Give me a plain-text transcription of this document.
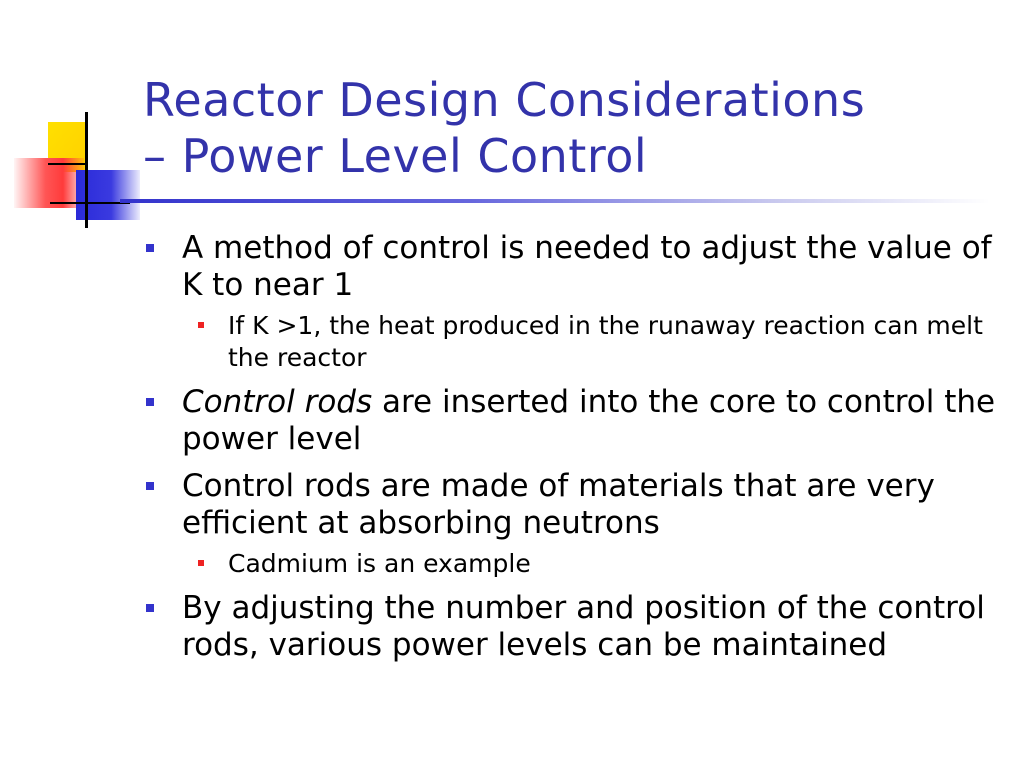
Reactor Design Considerations
– Power Level Control
A method of control is needed to adjust the value of K to near 1
If K >1, the heat produced in the runaway reaction can melt the reactor
Control rods are inserted into the core to control the power level
Control rods are made of materials that are very efficient at absorbing neutrons
Cadmium is an example
By adjusting the number and position of the control rods, various power levels can be maintained
